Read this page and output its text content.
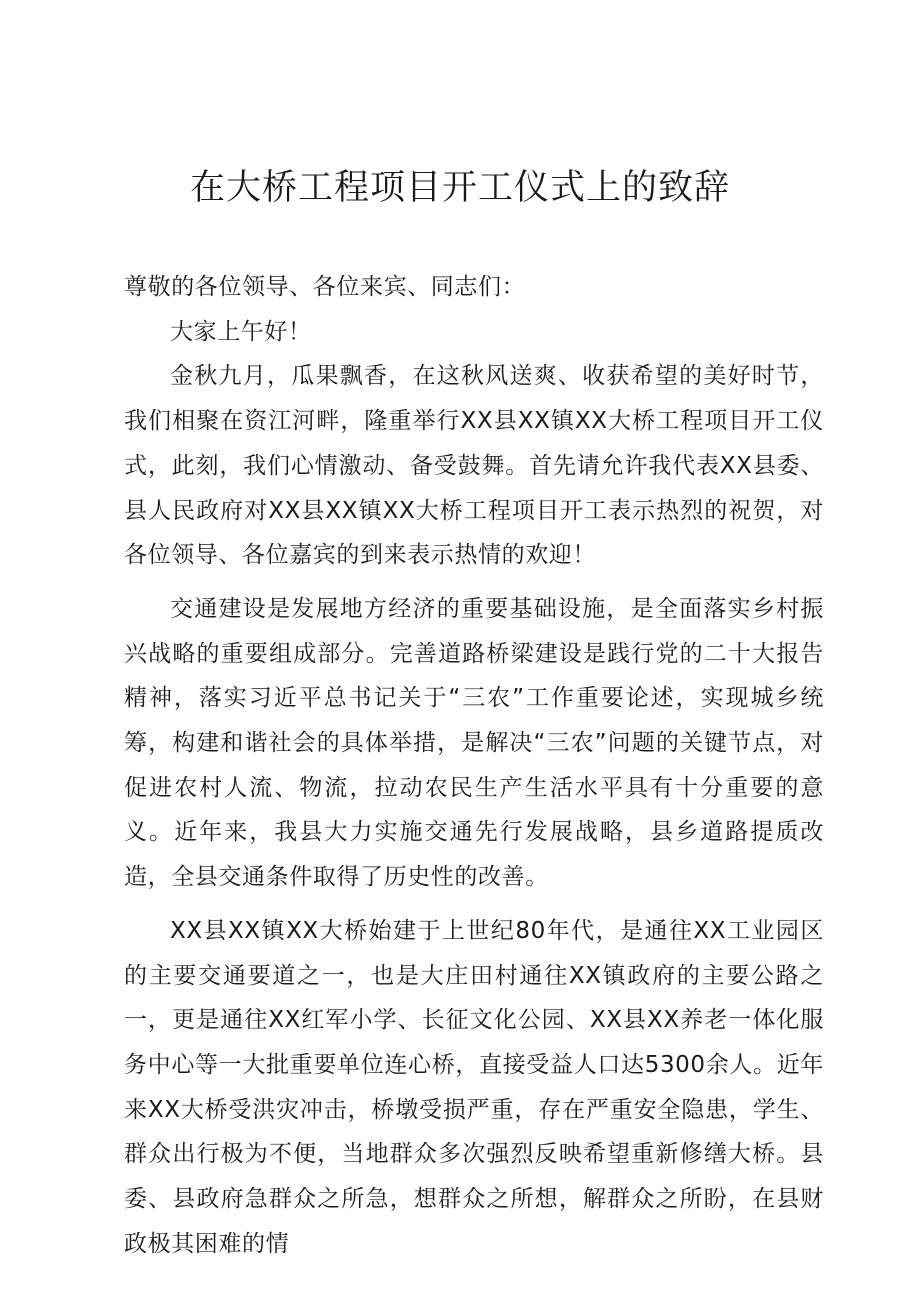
在大桥工程项目开工仪式上的致辞

尊敬的各位领导、各位来宾、同志们：

大家上午好！

金秋九月，瓜果飘香，在这秋风送爽、收获希望的美好时节，我们相聚在资江河畔，隆重举行XX县XX镇XX大桥工程项目开工仪式，此刻，我们心情激动、备受鼓舞。首先请允许我代表XX县委、县人民政府对XX县XX镇XX大桥工程项目开工表示热烈的祝贺，对各位领导、各位嘉宾的到来表示热情的欢迎！

交通建设是发展地方经济的重要基础设施，是全面落实乡村振兴战略的重要组成部分。完善道路桥梁建设是践行党的二十大报告精神，落实习近平总书记关于“三农”工作重要论述，实现城乡统筹，构建和谐社会的具体举措，是解决“三农”问题的关键节点，对促进农村人流、物流，拉动农民生产生活水平具有十分重要的意义。近年来，我县大力实施交通先行发展战略，县乡道路提质改造，全县交通条件取得了历史性的改善。

XX县XX镇XX大桥始建于上世纪80年代，是通往XX工业园区的主要交通要道之一，也是大庄田村通往XX镇政府的主要公路之一，更是通往XX红军小学、长征文化公园、XX县XX养老一体化服务中心等一大批重要单位连心桥，直接受益人口达5300余人。近年来XX大桥受洪灾冲击，桥墩受损严重，存在严重安全隐患，学生、群众出行极为不便，当地群众多次强烈反映希望重新修缮大桥。县委、县政府急群众之所急，想群众之所想，解群众之所盼，在县财政极其困难的情
